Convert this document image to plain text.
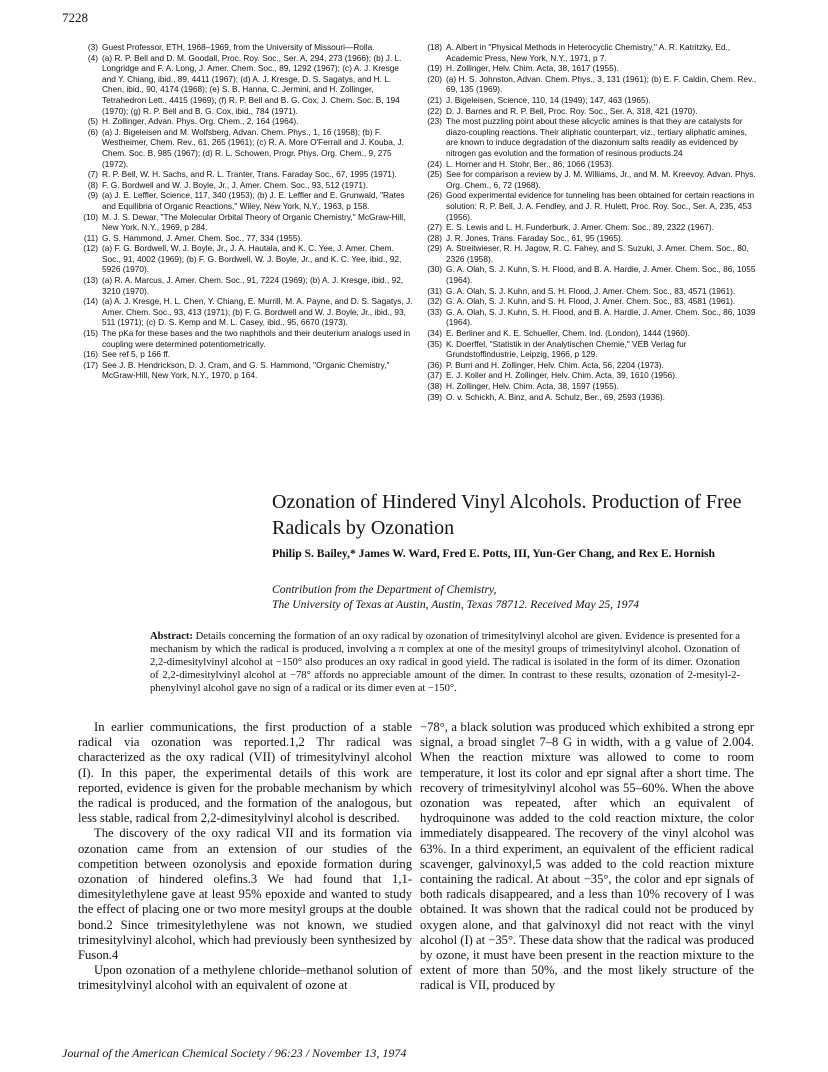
7228
(3) Guest Professor, ETH, 1968–1969, from the University of Missouri—Rolla.
(4) (a) R. P. Bell and D. M. Goodall, Proc. Roy. Soc., Ser. A, 294, 273 (1966); (b) J. L. Longridge and F. A. Long, J. Amer. Chem. Soc., 89, 1292 (1967); (c) A. J. Kresge and Y. Chiang, ibid., 89, 4411 (1967); (d) A. J. Kresge, D. S. Sagatys, and H. L. Chen, ibid., 90, 4174 (1968); (e) S. B. Hanna, C. Jermini, and H. Zollinger, Tetrahedron Lett., 4415 (1969); (f) R. P. Bell and B. G. Cox, J. Chem. Soc. B, 194 (1970); (g) R. P. Bell and B. G. Cox, ibid., 784 (1971).
(5) H. Zollinger, Advan. Phys. Org. Chem., 2, 164 (1964).
(6) (a) J. Bigeleisen and M. Wolfsberg, Advan. Chem. Phys., 1, 16 (1958); (b) F. Westheimer, Chem. Rev., 61, 265 (1961); (c) R. A. More O'Ferrall and J. Kouba, J. Chem. Soc. B, 985 (1967); (d) R. L. Schowen, Progr. Phys. Org. Chem., 9, 275 (1972).
(7) R. P. Bell, W. H. Sachs, and R. L. Tranter, Trans. Faraday Soc., 67, 1995 (1971).
(8) F. G. Bordwell and W. J. Boyle, Jr., J. Amer. Chem. Soc., 93, 512 (1971).
(9) (a) J. E. Leffler, Science, 117, 340 (1953); (b) J. E. Leffler and E. Grunwald, "Rates and Equilibria of Organic Reactions," Wiley, New York, N.Y., 1963, p 158.
(10) M. J. S. Dewar, "The Molecular Orbital Theory of Organic Chemistry," McGraw-Hill, New York, N.Y., 1969, p 284.
(11) G. S. Hammond, J. Amer. Chem. Soc., 77, 334 (1955).
(12) (a) F. G. Bordwell, W. J. Boyle, Jr., J. A. Hautala, and K. C. Yee, J. Amer. Chem. Soc., 91, 4002 (1969); (b) F. G. Bordwell, W. J. Boyle, Jr., and K. C. Yee, ibid., 92, 5926 (1970).
(13) (a) R. A. Marcus, J. Amer. Chem. Soc., 91, 7224 (1969); (b) A. J. Kresge, ibid., 92, 3210 (1970).
(14) (a) A. J. Kresge, H. L. Chen, Y. Chiang, E. Murrill, M. A. Payne, and D. S. Sagatys, J. Amer. Chem. Soc., 93, 413 (1971); (b) F. G. Bordwell and W. J. Boyle, Jr., ibid., 93, 511 (1971); (c) D. S. Kemp and M. L. Casey, ibid., 95, 6670 (1973).
(15) The pKa for these bases and the two naphthols and their deuterium analogs used in coupling were determined potentiometrically.
(16) See ref 5, p 166 ff.
(17) See J. B. Hendrickson, D. J. Cram, and G. S. Hammond, "Organic Chemistry," McGraw-Hill, New York, N.Y., 1970, p 164.
(18) A. Albert in "Physical Methods in Heterocyclic Chemistry," A. R. Katritzky, Ed., Academic Press, New York, N.Y., 1971, p 7.
(19) H. Zollinger, Helv. Chim. Acta, 38, 1617 (1955).
(20) (a) H. S. Johnston, Advan. Chem. Phys., 3, 131 (1961); (b) E. F. Caldin, Chem. Rev., 69, 135 (1969).
(21) J. Bigeleisen, Science, 110, 14 (1949); 147, 463 (1965).
(22) D. J. Barnes and R. P. Bell, Proc. Roy. Soc., Ser. A, 318, 421 (1970).
(23) The most puzzling point about these alicyclic amines is that they are catalysts for diazo-coupling reactions. Their aliphatic counterpart, viz., tertiary aliphatic amines, are known to induce degradation of the diazonium salts readily as evidenced by nitrogen gas evolution and the formation of resinous products.24
(24) L. Horner and H. Stohr, Ber., 86, 1066 (1953).
(25) See for comparison a review by J. M. Williams, Jr., and M. M. Kreevoy, Advan. Phys. Org. Chem., 6, 72 (1968).
(26) Good experimental evidence for tunneling has been obtained for certain reactions in solution: R. P. Bell, J. A. Fendley, and J. R. Hulett, Proc. Roy. Soc., Ser. A, 235, 453 (1956).
(27) E. S. Lewis and L. H. Funderburk, J. Amer. Chem. Soc., 89, 2322 (1967).
(28) J. R. Jones, Trans. Faraday Soc., 61, 95 (1965).
(29) A. Streitwieser, R. H. Jagow, R. C. Fahey, and S. Suzuki, J. Amer. Chem. Soc., 80, 2326 (1958).
(30) G. A. Olah, S. J. Kuhn, S. H. Flood, and B. A. Hardie, J. Amer. Chem. Soc., 86, 1055 (1964).
(31) G. A. Olah, S. J. Kuhn, and S. H. Flood, J. Amer. Chem. Soc., 83, 4571 (1961).
(32) G. A. Olah, S. J. Kuhn, and S. H. Flood, J. Amer. Chem. Soc., 83, 4581 (1961).
(33) G. A. Olah, S. J. Kuhn, S. H. Flood, and B. A. Hardie, J. Amer. Chem. Soc., 86, 1039 (1964).
(34) E. Berliner and K. E. Schueller, Chem. Ind. (London), 1444 (1960).
(35) K. Doerffel, "Statistik in der Analytischen Chemie," VEB Verlag fur Grundstoffindustrie, Leipzig, 1966, p 129.
(36) P. Burri and H. Zollinger, Helv. Chim. Acta, 56, 2204 (1973).
(37) E. J. Koller and H. Zollinger, Helv. Chim. Acta, 39, 1610 (1956).
(38) H. Zollinger, Helv. Chim. Acta, 38, 1597 (1955).
(39) O. v. Schickh, A. Binz, and A. Schulz, Ber., 69, 2593 (1936).
Ozonation of Hindered Vinyl Alcohols. Production of Free Radicals by Ozonation
Philip S. Bailey,* James W. Ward, Fred E. Potts, III, Yun-Ger Chang, and Rex E. Hornish
Contribution from the Department of Chemistry,
The University of Texas at Austin, Austin, Texas 78712. Received May 25, 1974
Abstract: Details concerning the formation of an oxy radical by ozonation of trimesitylvinyl alcohol are given. Evidence is presented for a mechanism by which the radical is produced, involving a π complex at one of the mesityl groups of trimesitylvinyl alcohol. Ozonation of 2,2-dimesitylvinyl alcohol at −150° also produces an oxy radical in good yield. The radical is isolated in the form of its dimer. Ozonation of 2,2-dimesitylvinyl alcohol at −78° affords no appreciable amount of the dimer. In contrast to these results, ozonation of 2-mesityl-2-phenylvinyl alcohol gave no sign of a radical or its dimer even at −150°.

In earlier communications, the first production of a stable radical via ozonation was reported.1,2 Thr radical was characterized as the oxy radical (VII) of trimesitylvinyl alcohol (I). In this paper, the experimental details of this work are reported, evidence is given for the probable mechanism by which the radical is produced, and the formation of the analogous, but less stable, radical from 2,2-dimesitylvinyl alcohol is described.

The discovery of the oxy radical VII and its formation via ozonation came from an extension of our studies of the competition between ozonolysis and epoxide formation during ozonation of hindered olefins.3 We had found that 1,1-dimesitylethylene gave at least 95% epoxide and wanted to study the effect of placing one or two more mesityl groups at the double bond.2 Since trimesitylethylene was not known, we studied trimesitylvinyl alcohol, which had previously been synthesized by Fuson.4

Upon ozonation of a methylene chloride–methanol solution of trimesitylvinyl alcohol with an equivalent of ozone at

−78°, a black solution was produced which exhibited a strong epr signal, a broad singlet 7–8 G in width, with a g value of 2.004. When the reaction mixture was allowed to come to room temperature, it lost its color and epr signal after a short time. The recovery of trimesitylvinyl alcohol was 55–60%. When the above ozonation was repeated, after which an equivalent of hydroquinone was added to the cold reaction mixture, the color immediately disappeared. The recovery of the vinyl alcohol was 63%. In a third experiment, an equivalent of the efficient radical scavenger, galvinoxyl,5 was added to the cold reaction mixture containing the radical. At about −35°, the color and epr signals of both radicals disappeared, and a less than 10% recovery of I was obtained. It was shown that the radical could not be produced by oxygen alone, and that galvinoxyl did not react with the vinyl alcohol (I) at −35°. These data show that the radical was produced by ozone, it must have been present in the reaction mixture to the extent of more than 50%, and the most likely structure of the radical is VII, produced by

Journal of the American Chemical Society / 96:23 / November 13, 1974
